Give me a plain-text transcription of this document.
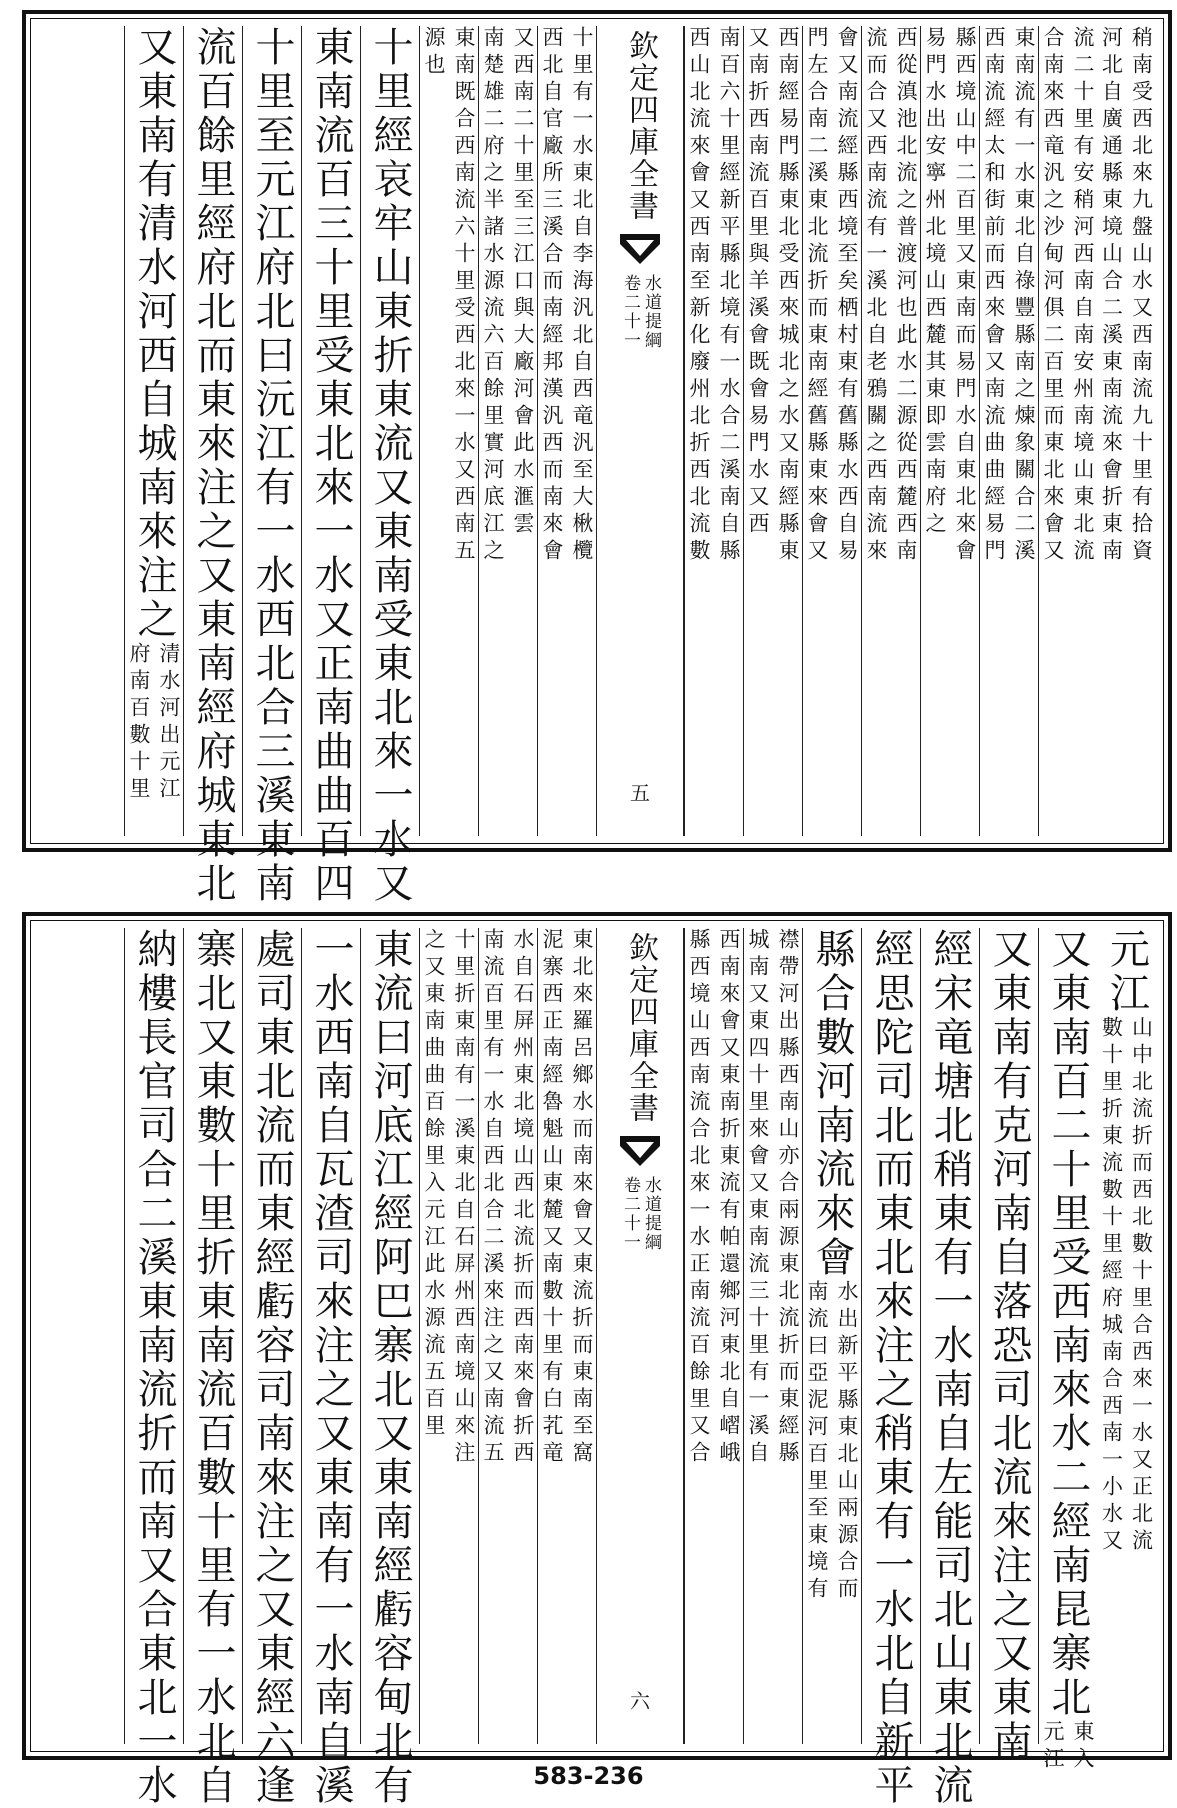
稍南受西北來九盤山水又西南流九十里有拾資
河北自廣通縣東境山合二溪東南流來會折東南
流二十里有安稍河西南自南安州南境山東北流
合南來西竜汎之沙甸河俱二百里而東北來會又
東南流有一水東北自祿豐縣南之煉象關合二溪
西南流經太和街前而西來會又南流曲曲經易門
縣西境山中二百里又東南而易門水自東北來會
易門水出安寧州北境山西麓其東即雲南府之
西從滇池北流之普渡河也此水二源從西麓西南
流而合又西南流有一溪北自老鴉關之西南流來
會又南流經縣西境至矣栖村東有舊縣水西自易
門左合南二溪東北流折而東南經舊縣東來會又
西南經易門縣東北受西來城北之水又南經縣東
又南折西南流百里與羊溪會既會易門水又西
南百六十里經新平縣北境有一水合二溪南自縣
西山北流來會又西南至新化廢州北折西北流數
欽定四庫全書
水道提綱
卷二十一
五
十里有一水東北自李海汎北自西竜汎至大楸欖
西北自官廠所三溪合而南經邦漢汎西而南來會
又西南二十里至三江口與大廠河會此水滙雲
南楚雄二府之半諸水源流六百餘里實河底江之
東南既合西南流六十里受西北來一水又西南五
源也
十里經哀牢山東折東流又東南受東北來一水又
東南流百三十里受東北來一水又正南曲曲百四
十里至元江府北曰沅江有一水西北合三溪東南
流百餘里經府北而東來注之又東南經府城東北
又東南有清水河西自城南來注之
清水河出元江
府南百數十里
元江
山中北流折而西北數十里合西來一水又正北流
數十里折東流數十里經府城南合西南一小水又
又東南百二十里受西南來水二經南昆寨北
東入
元江
又東南有克河南自落恐司北流來注之又東南
經宋竜塘北稍東有一水南自左能司北山東北流
經思陀司北而東北來注之稍東有一水北自新平
縣合數河南流來會
水出新平縣東北山兩源合而
南流曰亞泥河百里至東境有
襟帶河出縣西南山亦合兩源東北流折而東經縣
城南又東四十里來會又東南流三十里有一溪自
西南來會又東南折東流有帕還鄉河東北自嶍峨
縣西境山西南流合北來一水正南流百餘里又合
欽定四庫全書
水道提綱
卷二十一
六
東北來羅呂鄉水而南來會又東流折而東南至窩
泥寨西正南經魯魁山東麓又南數十里有白芤竜
水自石屏州東北境山西北流折而西南來會折西
南流百里有一水自西北合二溪來注之又南流五
十里折東南有一溪東北自石屏州西南境山來注
之又東南曲曲百餘里入元江此水源流五百里
東流曰河底江經阿巴寨北又東南經虧容甸北有
一水西南自瓦渣司來注之又東南有一水南自溪
處司東北流而東經虧容司南來注之又東經六逢
寨北又東數十里折東南流百數十里有一水北自
納樓長官司合二溪東南流折而南又合東北一水	583-236
